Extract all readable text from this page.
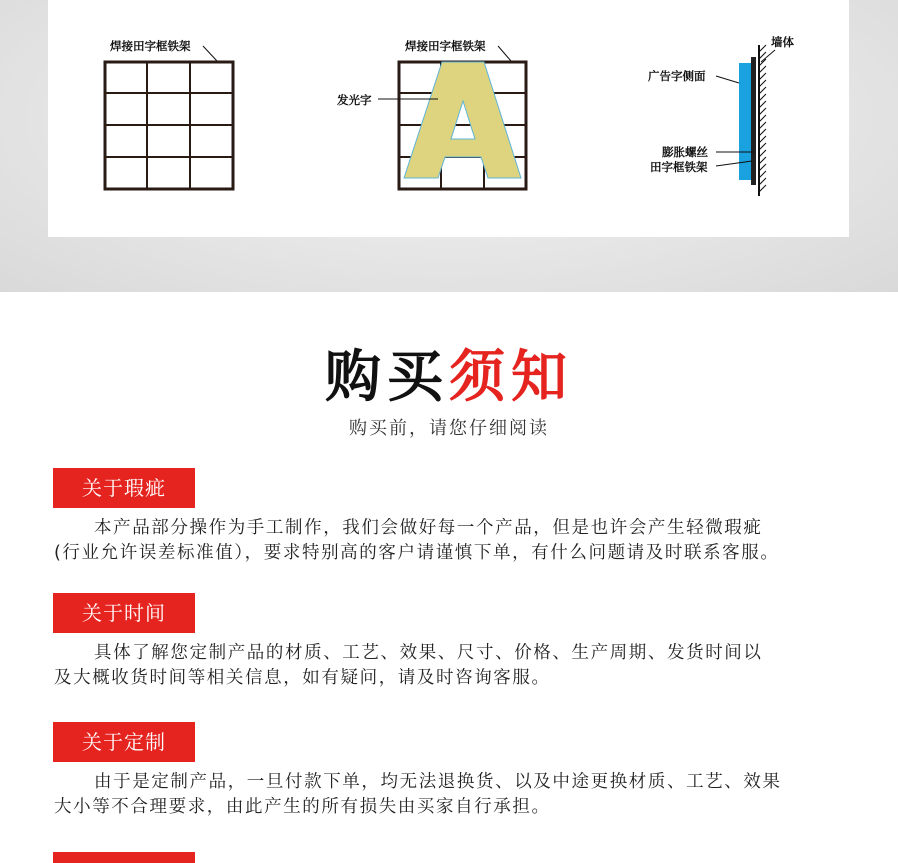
焊接田字框铁架	焊接田字框铁架
发光字
墙体
广告字侧面
膨胀螺丝
田字框铁架
购买须知
购买前，请您仔细阅读
关于瑕疵
本产品部分操作为手工制作，我们会做好每一个产品，但是也许会产生轻微瑕疵
(行业允许误差标准值），要求特别高的客户请谨慎下单，有什么问题请及时联系客服。
关于时间
具体了解您定制产品的材质、工艺、效果、尺寸、价格、生产周期、发货时间以
及大概收货时间等相关信息，如有疑问，请及时咨询客服。
关于定制
由于是定制产品，一旦付款下单，均无法退换货、以及中途更换材质、工艺、效果
大小等不合理要求，由此产生的所有损失由买家自行承担。
